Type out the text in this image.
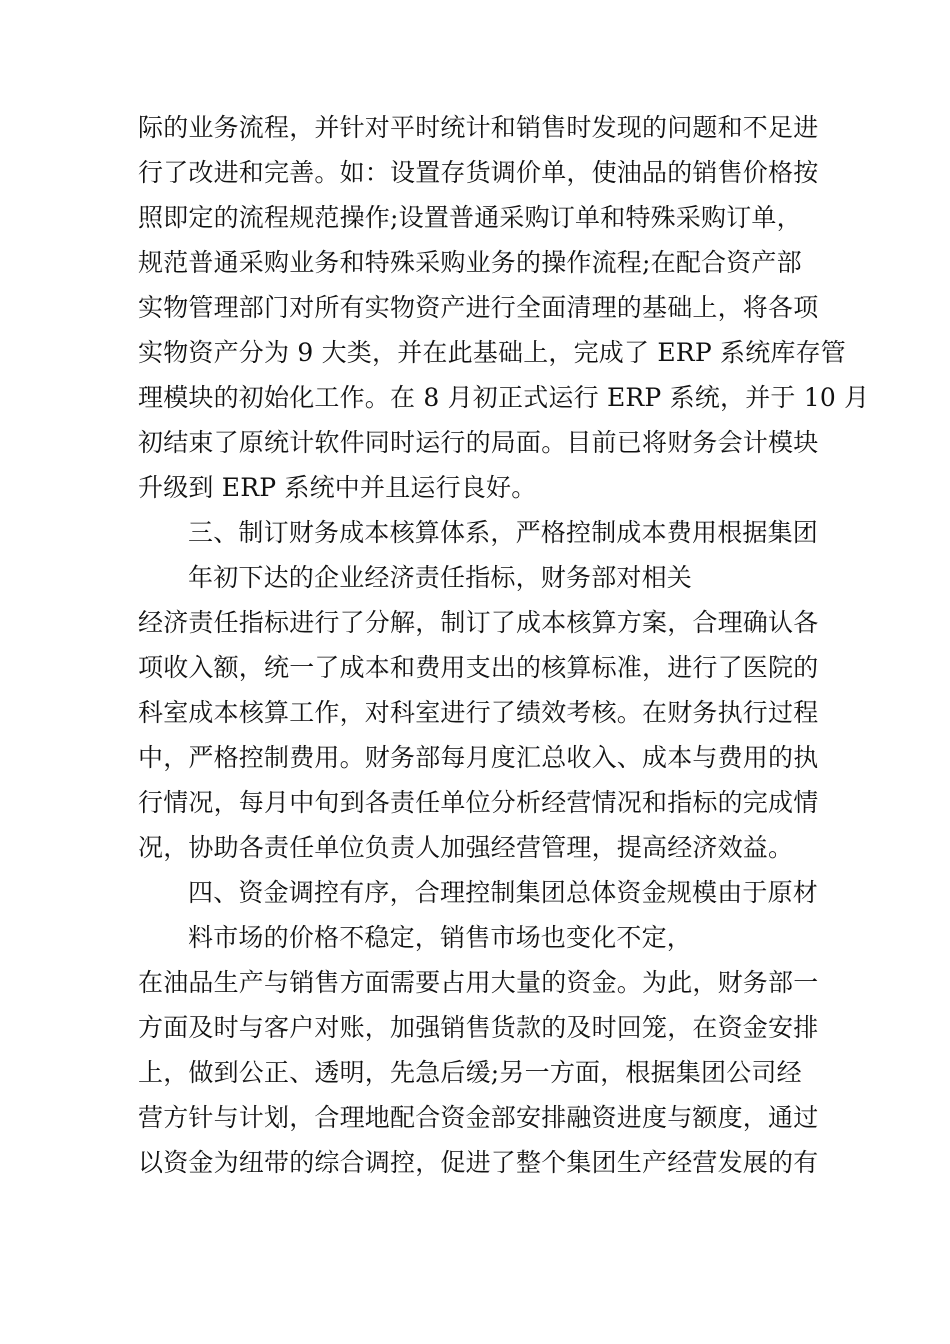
际的业务流程，并针对平时统计和销售时发现的问题和不足进
行了改进和完善。如：设置存货调价单，使油品的销售价格按
照即定的流程规范操作;设置普通采购订单和特殊采购订单，
规范普通采购业务和特殊采购业务的操作流程;在配合资产部
实物管理部门对所有实物资产进行全面清理的基础上，将各项
实物资产分为 9 大类，并在此基础上，完成了 ERP 系统库存管
理模块的初始化工作。在 8 月初正式运行 ERP 系统，并于 10 月
初结束了原统计软件同时运行的局面。目前已将财务会计模块
升级到 ERP 系统中并且运行良好。
三、制订财务成本核算体系，严格控制成本费用根据集团
年初下达的企业经济责任指标，财务部对相关
经济责任指标进行了分解，制订了成本核算方案，合理确认各
项收入额，统一了成本和费用支出的核算标准，进行了医院的
科室成本核算工作，对科室进行了绩效考核。在财务执行过程
中，严格控制费用。财务部每月度汇总收入、成本与费用的执
行情况，每月中旬到各责任单位分析经营情况和指标的完成情
况，协助各责任单位负责人加强经营管理，提高经济效益。
四、资金调控有序，合理控制集团总体资金规模由于原材
料市场的价格不稳定，销售市场也变化不定，
在油品生产与销售方面需要占用大量的资金。为此，财务部一
方面及时与客户对账，加强销售货款的及时回笼，在资金安排
上，做到公正、透明，先急后缓;另一方面，根据集团公司经
营方针与计划，合理地配合资金部安排融资进度与额度，通过
以资金为纽带的综合调控，促进了整个集团生产经营发展的有
